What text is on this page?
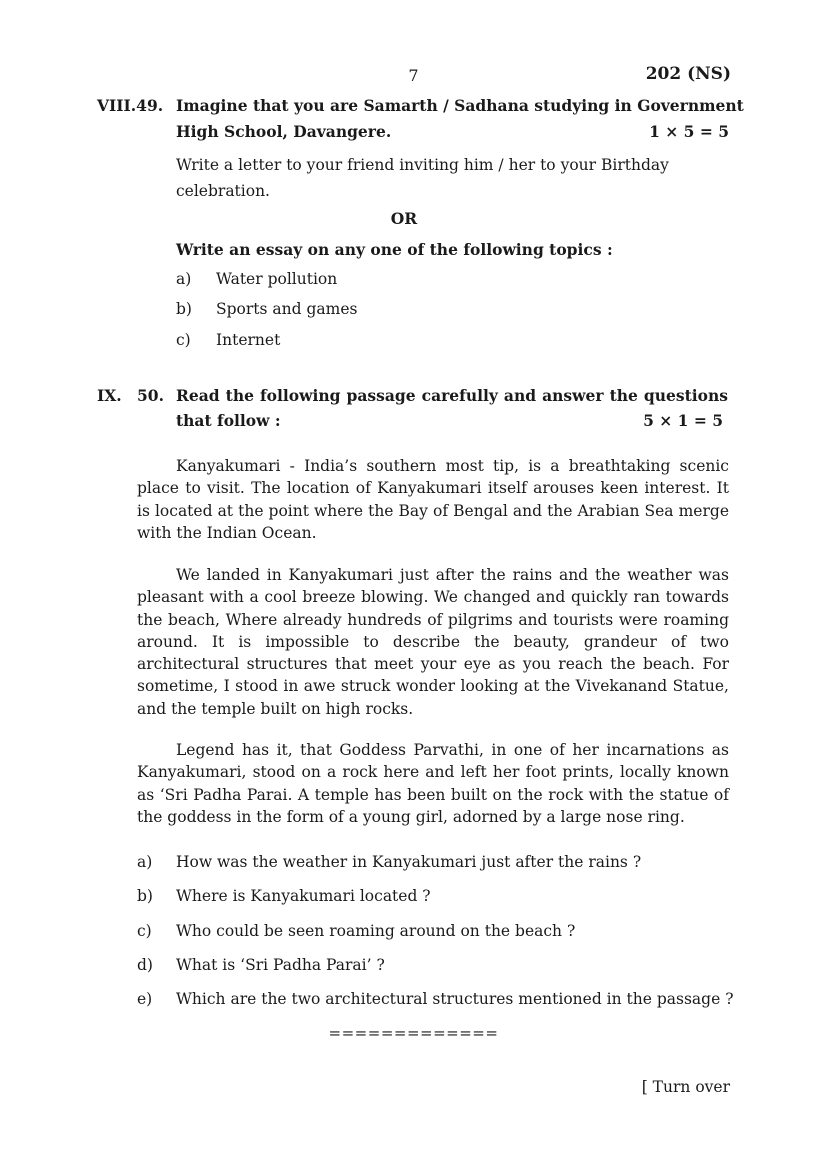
7	202 (NS)
VIII.49. Imagine that you are Samarth / Sadhana studying in Government
High School, Davangere.	1 × 5 = 5
Write a letter to your friend inviting him / her to your Birthday celebration.
OR
Write an essay on any one of the following topics :
a) Water pollution
b) Sports and games
c) Internet
IX. 50. Read the following passage carefully and answer the questions
that follow :	5 × 1 = 5

Kanyakumari - India’s southern most tip, is a breathtaking scenic place to visit. The location of Kanyakumari itself arouses keen interest. It is located at the point where the Bay of Bengal and the Arabian Sea merge with the Indian Ocean.

We landed in Kanyakumari just after the rains and the weather was pleasant with a cool breeze blowing. We changed and quickly ran towards the beach, Where already hundreds of pilgrims and tourists were roaming around. It is impossible to describe the beauty, grandeur of two architectural structures that meet your eye as you reach the beach. For sometime, I stood in awe struck wonder looking at the Vivekanand Statue, and the temple built on high rocks.

Legend has it, that Goddess Parvathi, in one of her incarnations as Kanyakumari, stood on a rock here and left her foot prints, locally known as ‘Sri Padha Parai. A temple has been built on the rock with the statue of the goddess in the form of a young girl, adorned by a large nose ring.

a) How was the weather in Kanyakumari just after the rains ?
b) Where is Kanyakumari located ?
c) Who could be seen roaming around on the beach ?
d) What is ‘Sri Padha Parai’ ?
e) Which are the two architectural structures mentioned in the passage ?
=============
[ Turn over
